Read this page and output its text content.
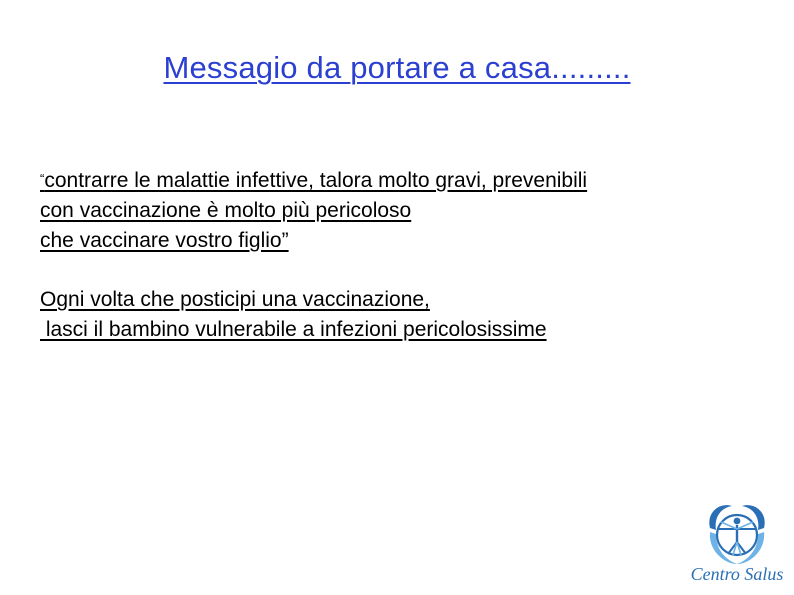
Messagio da portare a casa.........
“contrarre le malattie infettive, talora molto gravi, prevenibili
con vaccinazione è molto più pericoloso
che vaccinare vostro figlio”
Ogni volta che posticipi una vaccinazione,
lasci il bambino vulnerabile a infezioni pericolosissime
Centro Salus
